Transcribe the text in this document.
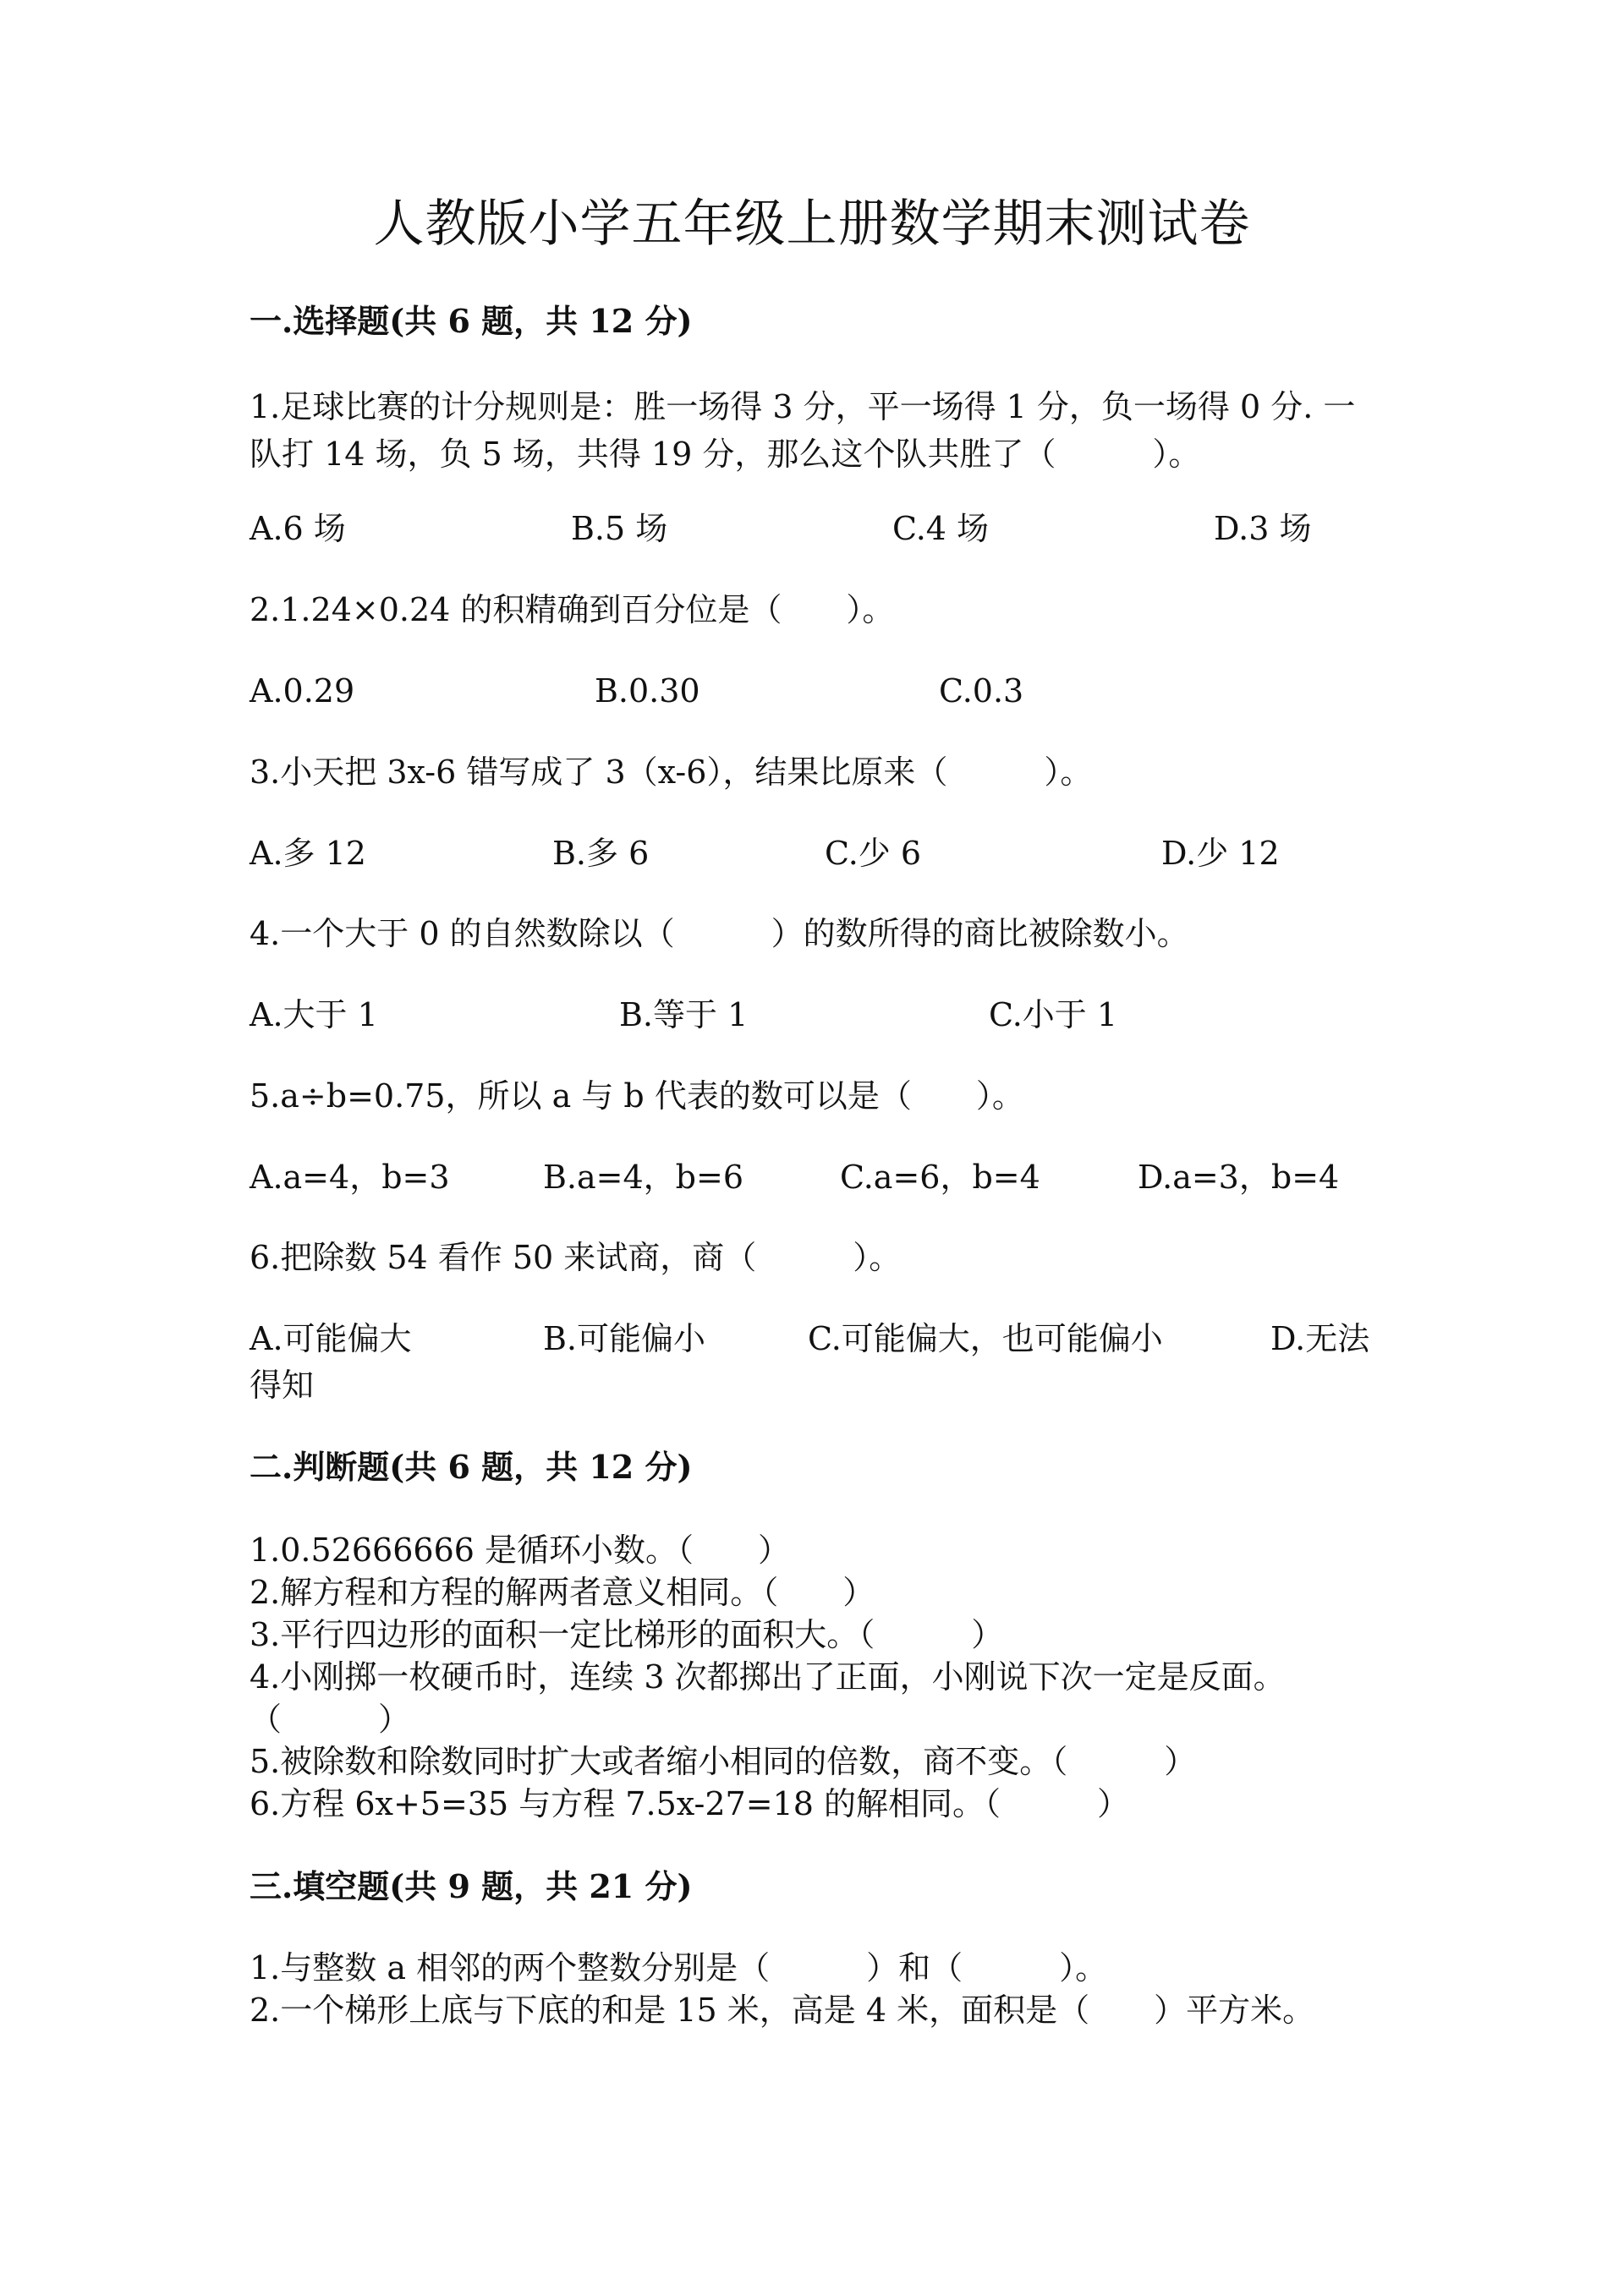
人教版小学五年级上册数学期末测试卷
一.选择题(共 6 题，共 12 分)
1.足球比赛的计分规则是：胜一场得 3 分，平一场得 1 分，负一场得 0 分. 一队打 14 场，负 5 场，共得 19 分，那么这个队共胜了（　　　）。
A.6 场	B.5 场	C.4 场	D.3 场
2.1.24×0.24 的积精确到百分位是（　　）。
A.0.29	B.0.30	C.0.3
3.小天把 3x-6 错写成了 3（x-6），结果比原来（　　　）。
A.多 12	B.多 6	C.少 6	D.少 12
4.一个大于 0 的自然数除以（　　　）的数所得的商比被除数小。
A.大于 1	B.等于 1	C.小于 1
5.a÷b=0.75，所以 a 与 b 代表的数可以是（　　）。
A.a=4，b=3	B.a=4，b=6	C.a=6，b=4	D.a=3，b=4
6.把除数 54 看作 50 来试商，商（　　　）。
A.可能偏大	B.可能偏小	C.可能偏大，也可能偏小	D.无法
得知
二.判断题(共 6 题，共 12 分)
1.0.52666666 是循环小数。（　　）
2.解方程和方程的解两者意义相同。（　　）
3.平行四边形的面积一定比梯形的面积大。（　　　）
4.小刚掷一枚硬币时，连续 3 次都掷出了正面，小刚说下次一定是反面。
（　　　）
5.被除数和除数同时扩大或者缩小相同的倍数，商不变。（　　　）
6.方程 6x+5=35 与方程 7.5x-27=18 的解相同。（　　　）
三.填空题(共 9 题，共 21 分)
1.与整数 a 相邻的两个整数分别是（　　　）和（　　　）。
2.一个梯形上底与下底的和是 15 米，高是 4 米，面积是（　　）平方米。
